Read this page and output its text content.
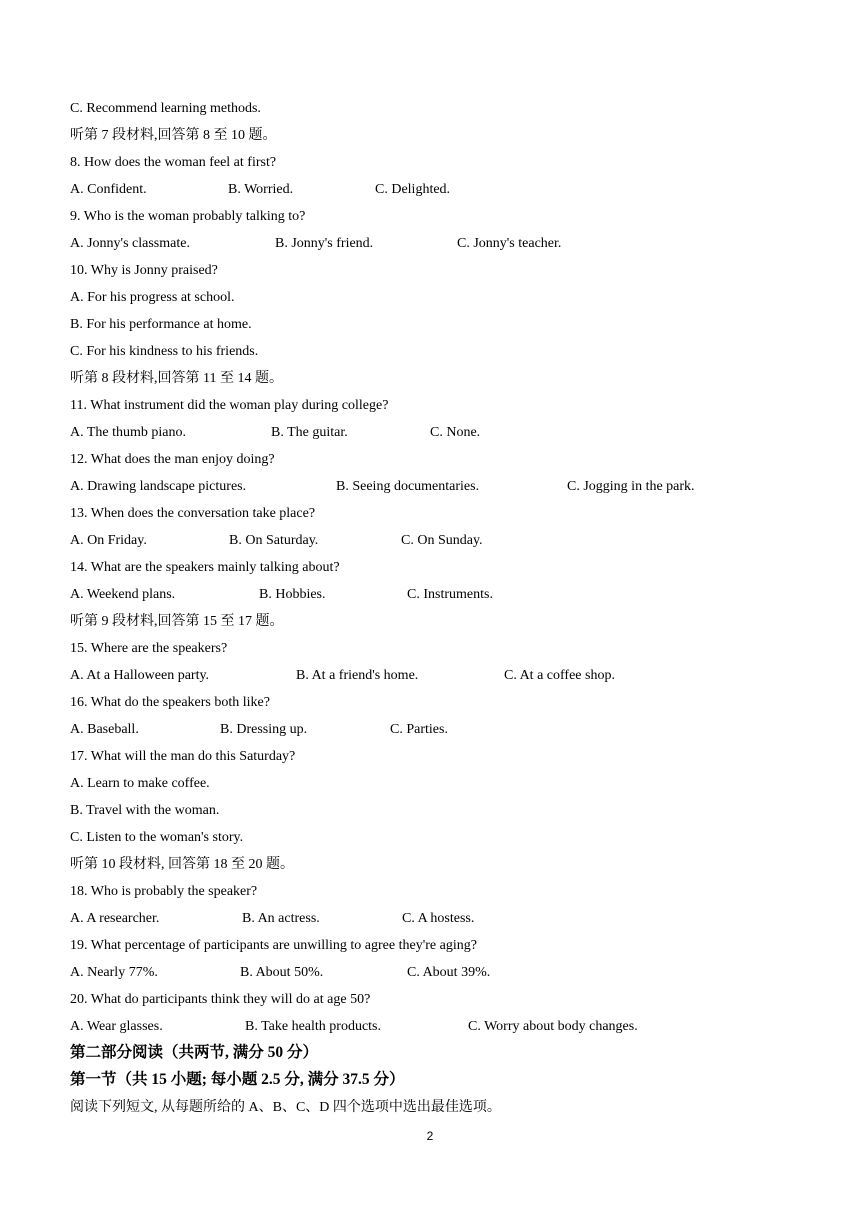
C. Recommend learning methods.
听第 7 段材料,回答第 8 至 10 题。
8. How does the woman feel at first?
A. Confident.	B. Worried.	C. Delighted.
9. Who is the woman probably talking to?
A. Jonny's classmate.	B. Jonny's friend.	C. Jonny's teacher.
10. Why is Jonny praised?
A. For his progress at school.
B. For his performance at home.
C. For his kindness to his friends.
听第 8 段材料,回答第 11 至 14 题。
11. What instrument did the woman play during college?
A. The thumb piano.	B. The guitar.	C. None.
12. What does the man enjoy doing?
A. Drawing landscape pictures.	B. Seeing documentaries.	C. Jogging in the park.
13. When does the conversation take place?
A. On Friday.	B. On Saturday.	C. On Sunday.
14. What are the speakers mainly talking about?
A. Weekend plans.	B. Hobbies.	C. Instruments.
听第 9 段材料,回答第 15 至 17 题。
15. Where are the speakers?
A. At a Halloween party.	B. At a friend's home.	C. At a coffee shop.
16. What do the speakers both like?
A. Baseball.	B. Dressing up.	C. Parties.
17. What will the man do this Saturday?
A. Learn to make coffee.
B. Travel with the woman.
C. Listen to the woman's story.
听第 10 段材料, 回答第 18 至 20 题。
18. Who is probably the speaker?
A. A researcher.	B. An actress.	C. A hostess.
19. What percentage of participants are unwilling to agree they're aging?
A. Nearly 77%.	B. About 50%.	C. About 39%.
20. What do participants think they will do at age 50?
A. Wear glasses.	B. Take health products.	C. Worry about body changes.
第二部分阅读（共两节, 满分 50 分）
第一节（共 15 小题; 每小题 2.5 分, 满分 37.5 分）
阅读下列短文, 从每题所给的 A、B、C、D 四个选项中选出最佳选项。
2
